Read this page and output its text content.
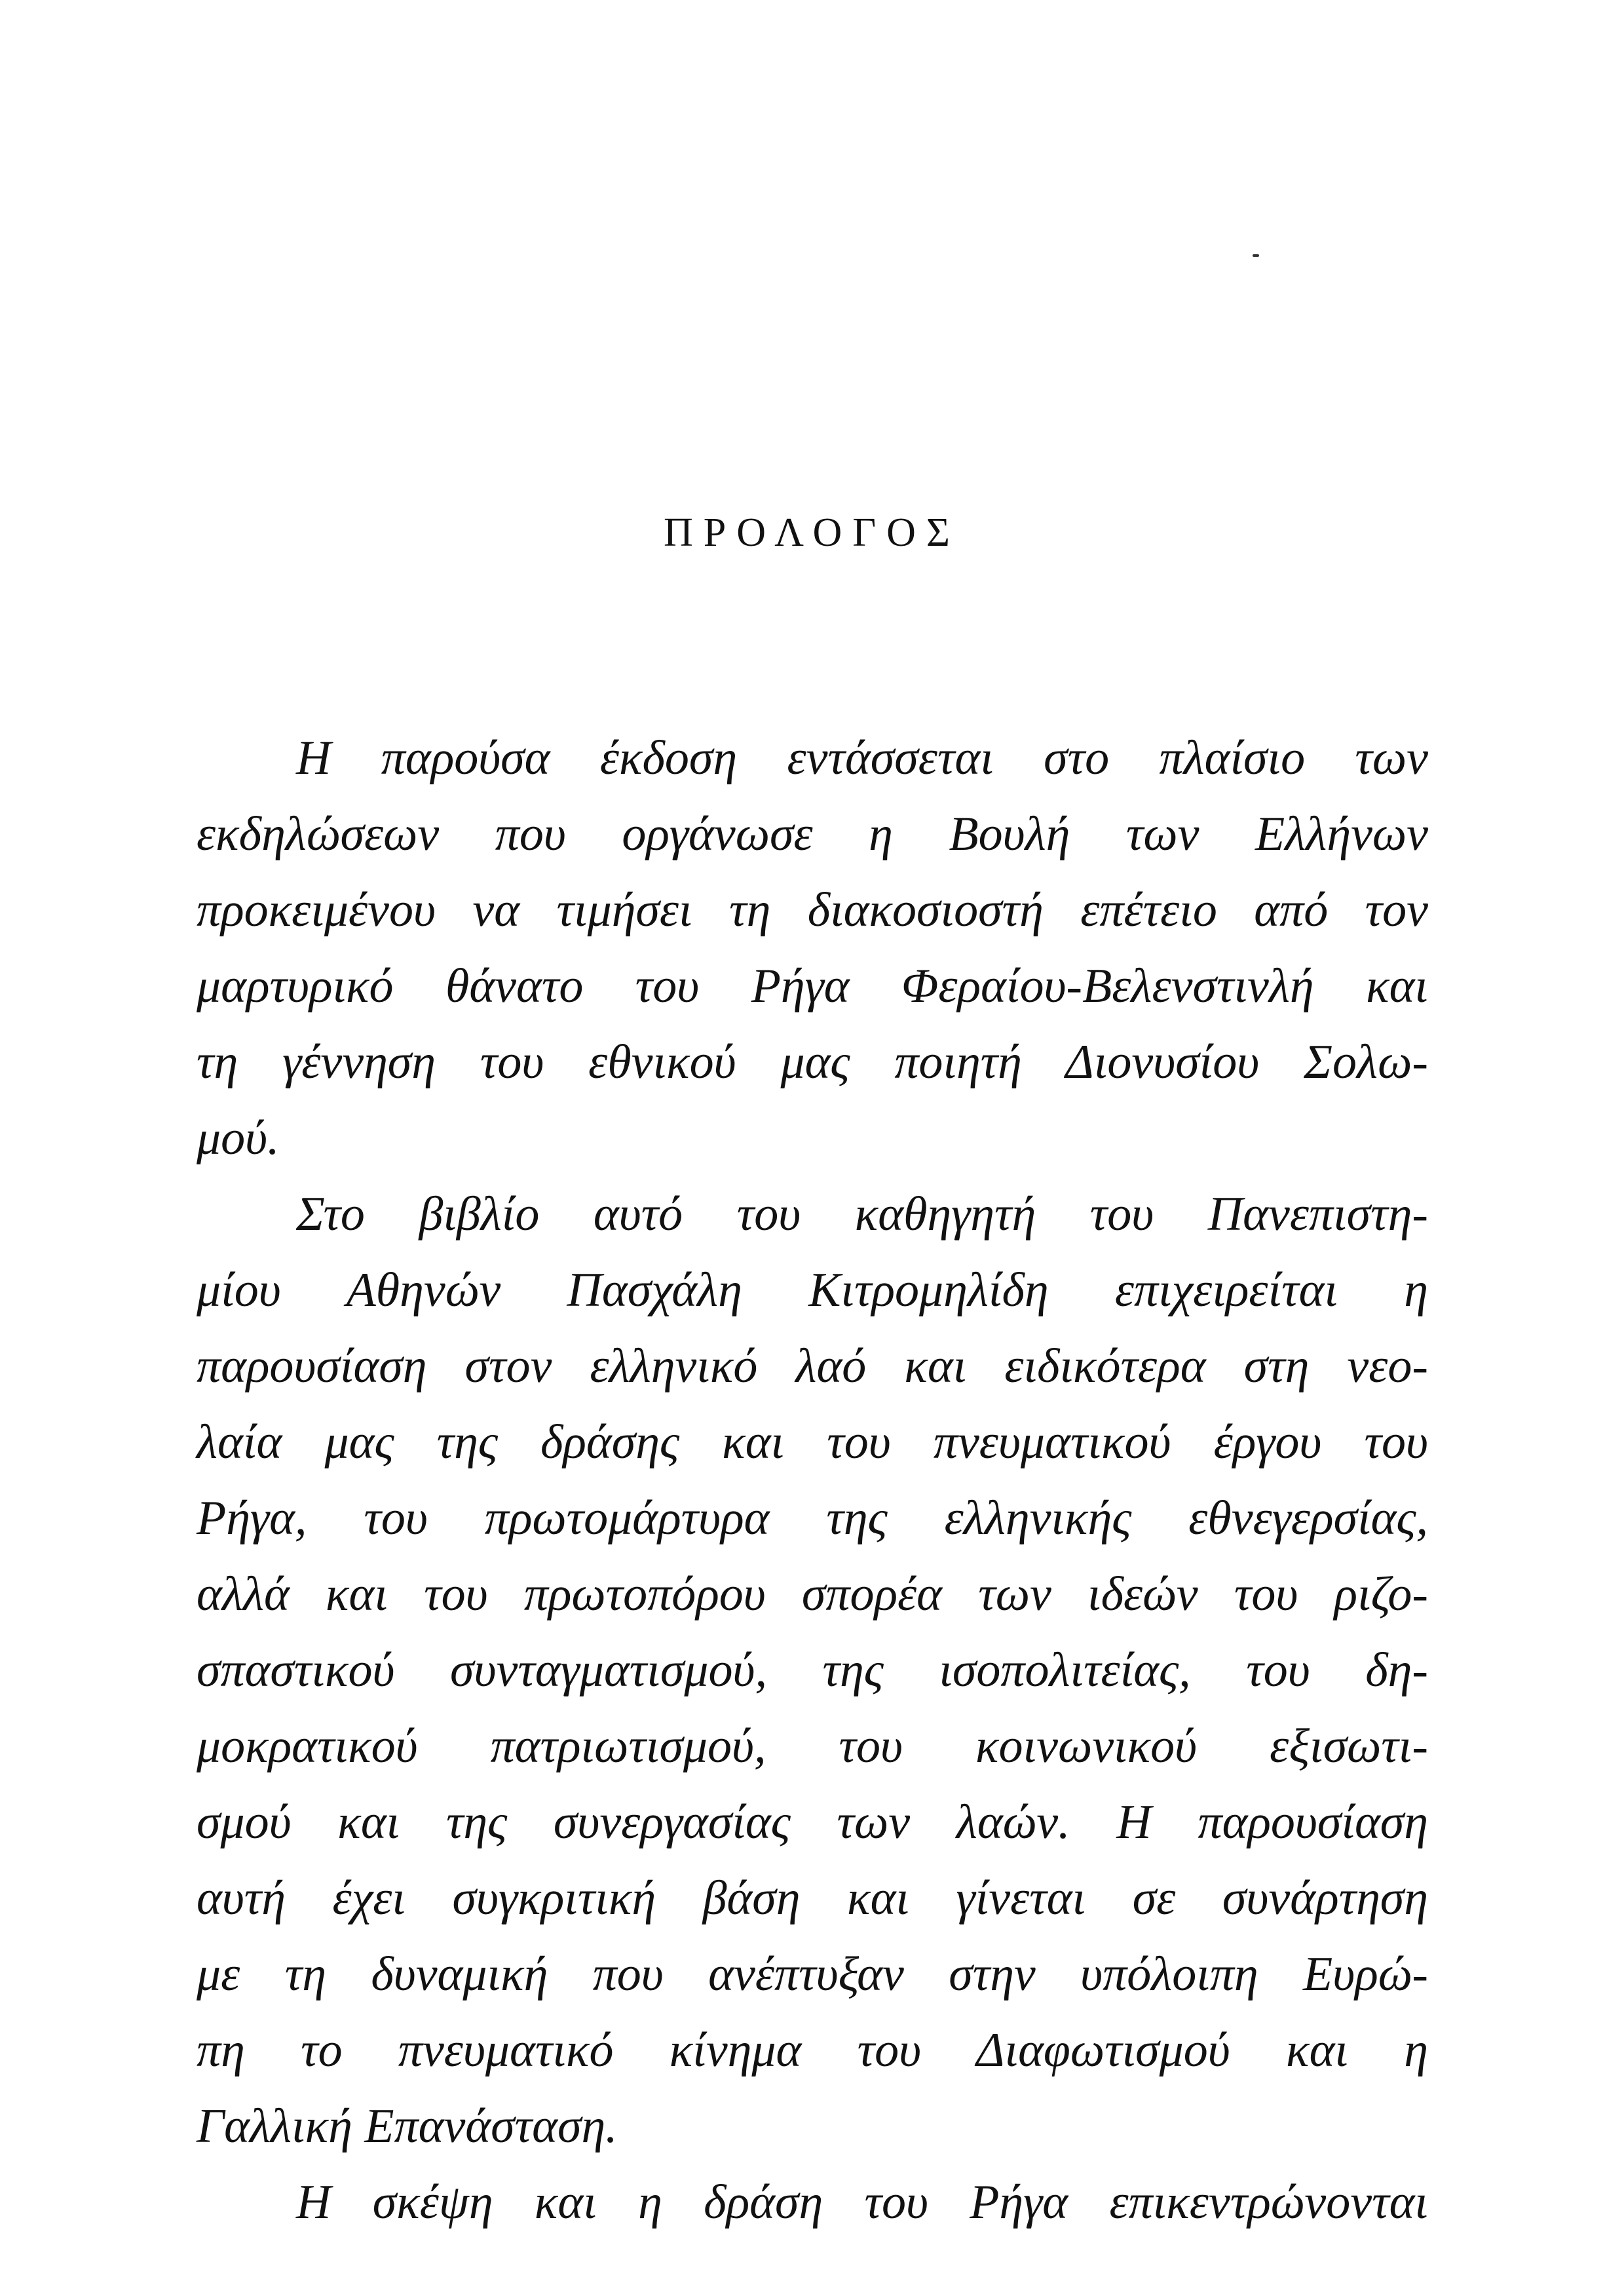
ΠΡΟΛΟΓΟΣ
Η παρούσα έκδοση εντάσσεται στο πλαίσιο των
εκδηλώσεων που οργάνωσε η Βουλή των Ελλήνων
προκειμένου να τιμήσει τη διακοσιοστή επέτειο από τον
μαρτυρικό θάνατο του Ρήγα Φεραίου-Βελενστινλή και
τη γέννηση του εθνικού μας ποιητή Διονυσίου Σολω-
μού.
Στο βιβλίο αυτό του καθηγητή του Πανεπιστη-
μίου Αθηνών Πασχάλη Κιτρομηλίδη επιχειρείται η
παρουσίαση στον ελληνικό λαό και ειδικότερα στη νεο-
λαία μας της δράσης και του πνευματικού έργου του
Ρήγα, του πρωτομάρτυρα της ελληνικής εθνεγερσίας,
αλλά και του πρωτοπόρου σπορέα των ιδεών του ριζο-
σπαστικού συνταγματισμού, της ισοπολιτείας, του δη-
μοκρατικού πατριωτισμού, του κοινωνικού εξισωτι-
σμού και της συνεργασίας των λαών. Η παρουσίαση
αυτή έχει συγκριτική βάση και γίνεται σε συνάρτηση
με τη δυναμική που ανέπτυξαν στην υπόλοιπη Ευρώ-
πη το πνευματικό κίνημα του Διαφωτισμού και η
Γαλλική Επανάσταση.
Η σκέψη και η δράση του Ρήγα επικεντρώνονται
